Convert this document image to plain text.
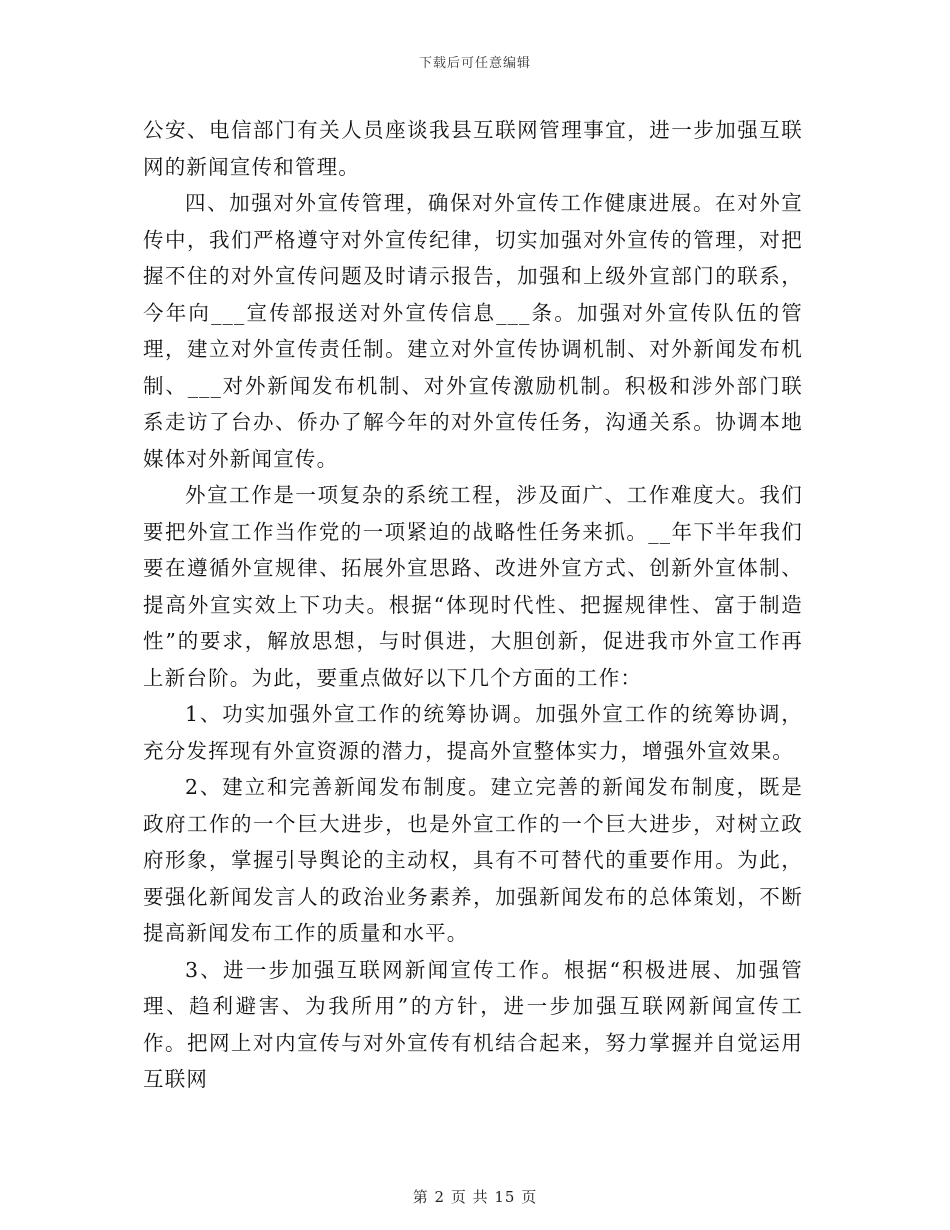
下载后可任意编辑

公安、电信部门有关人员座谈我县互联网管理事宜，进一步加强互联网的新闻宣传和管理。

四、加强对外宣传管理，确保对外宣传工作健康进展。在对外宣传中，我们严格遵守对外宣传纪律，切实加强对外宣传的管理，对把握不住的对外宣传问题及时请示报告，加强和上级外宣部门的联系，今年向___宣传部报送对外宣传信息___条。加强对外宣传队伍的管理，建立对外宣传责任制。建立对外宣传协调机制、对外新闻发布机制、___对外新闻发布机制、对外宣传激励机制。积极和涉外部门联系走访了台办、侨办了解今年的对外宣传任务，沟通关系。协调本地媒体对外新闻宣传。

外宣工作是一项复杂的系统工程，涉及面广、工作难度大。我们要把外宣工作当作党的一项紧迫的战略性任务来抓。__年下半年我们要在遵循外宣规律、拓展外宣思路、改进外宣方式、创新外宣体制、提高外宣实效上下功夫。根据“体现时代性、把握规律性、富于制造性”的要求，解放思想，与时俱进，大胆创新，促进我市外宣工作再上新台阶。为此，要重点做好以下几个方面的工作：

1、功实加强外宣工作的统筹协调。加强外宣工作的统筹协调，充分发挥现有外宣资源的潜力，提高外宣整体实力，增强外宣效果。

2、建立和完善新闻发布制度。建立完善的新闻发布制度，既是政府工作的一个巨大进步，也是外宣工作的一个巨大进步，对树立政府形象，掌握引导舆论的主动权，具有不可替代的重要作用。为此，要强化新闻发言人的政治业务素养，加强新闻发布的总体策划，不断提高新闻发布工作的质量和水平。

3、进一步加强互联网新闻宣传工作。根据“积极进展、加强管理、趋利避害、为我所用”的方针，进一步加强互联网新闻宣传工作。把网上对内宣传与对外宣传有机结合起来，努力掌握并自觉运用互联网

第 2 页 共 15 页
